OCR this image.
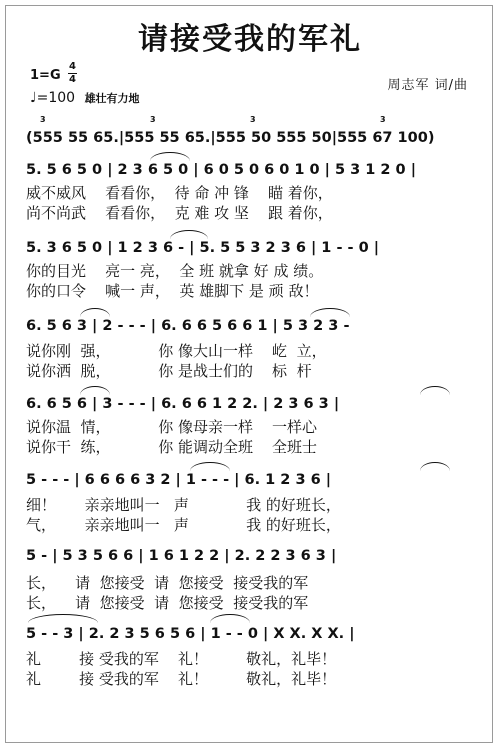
请接受我的军礼
1=G
4
4
♩=100 雄壮有力地
周志军 词/曲
(555 55 65.|555 55 65.|555 50 555 50|555 67 100)
5. 5 6 5 0 | 2 3 6 5 0 | 6 0 5 0 6 0 1 0 | 5 3 1 2 0 |
威不威风    看看你，  待 命 冲 锋    瞄 着你，
尚不尚武    看看你，  克 难 攻 坚    跟 着你，
5. 3 6 5 0 | 1 2 3 6 - | 5. 5 5 3 2 3 6 | 1 - - 0 |
你的目光    亮一 亮，  全 班 就拿 好 成 绩。
你的口令    喊一 声，  英 雄脚下 是 顽 敌！
6. 5 6 3 | 2 - - - | 6. 6 6 5 6 6 1 | 5 3 2 3 -
说你刚  强，          你 像大山一样    屹  立，
说你洒  脱，          你 是战士们的    标  杆
6. 6 5 6 | 3 - - - | 6. 6 6 1 2 2. | 2 3 6 3 |
说你温  情，          你 像母亲一样    一样心
说你干  练，          你 能调动全班    全班士
5 - - - | 6 6 6 6 3 2 | 1 - - - | 6. 1 2 3 6 |
细！      亲亲地叫一   声            我 的好班长，
气，      亲亲地叫一   声            我 的好班长，
5 - | 5 3 5 6 6 | 1 6 1 2 2 | 2. 2 2 3 6 3 |
长，    请  您接受  请  您接受  接受我的军
长，    请  您接受  请  您接受  接受我的军
5 - - 3 | 2. 2 3 5 6 5 6 | 1 - - 0 | X X. X X. |
礼        接 受我的军    礼！        敬礼，礼毕！
礼        接 受我的军    礼！        敬礼，礼毕！
3	3	3	3
